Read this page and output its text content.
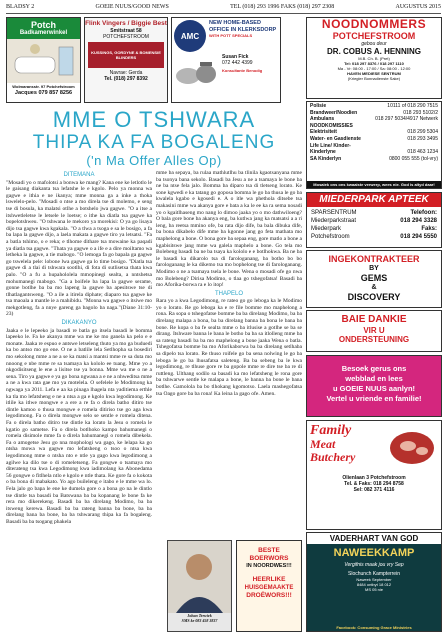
BLADSY 2	GOEIE NUUS/GOOD NEWS	TEL (018) 293 1996 FAKS (018) 297 2308	AUGUSTUS 2015
Potch
Badkamerwinkel
Wolmaransstr. 97 Potchefstroom
Jacques 079 857 8256
Flink Vingers / Biggie Best
Smitstraat 58
POTCHEFSTROOM
KUSSINGS, GORDYNE & BOMENSIE BLINDERS
Navrae: Gerda
Tel. (018) 297 8392
AMC
NEW HOME-BASED OFFICE IN KLERKSDORP
WITH POTT SPECIALS
Susan Fick
072 442 4399
Konsultante Benodig
MME O TSHWARA
THIPA KA FA BOGALENG
('n Ma Offer Alles Op)
DITEMANA

"Mosadi yo o mafolotsi a bonwa ke mang? Kana ene ke letlotlo le le gaisang diakanta tsa lefatshe le e kgolo. Pelo ya monna wa gagwe e ithia e ne ikanya; mme monna ga a inke a thoka lswelelo-pelo. "Mosadi o ntse a mo direla tse di molemo, e seng tse di bosula, ka malatsi otlhe a botshelo jwa gagwe. "O a itse a itshwetleletse le letsele le loetse; o ithe ka diatla tsa gagwe ka bopelotshweu. "O tshwana le mekoro ya morekisi: O ya go lisaya dijo tsa gagwe kwa kgakala. "O a tlwa a tsoga e sa le bosigo, a fa ba lapa la gagwe dijo, a laela makata a gagwe tiro ya letsatsi. "Fa a batla tshimo, o e reka; e tlhome dithare tsa mowaine ka paqadi ya diatla tsa gagwe. "Thata ya gagwe o a ife e a dire moiltamo wa letheka la gagwe, a tie mabogo. "O lemoga fa go bapala ga gagwe go tswelela pele: lobone lwa gagwe ga lo time bosigo. "Diatla tsa gagwe di a tlai di tshwara sootlhi, di fota di sutlisetsa thata kwa palo. "O a fu a hupahololela mmopinegi sealta, a nntshetsa mohumanegi mabogo. "Ga a boifele ba lapa la gagwe serame, gonne botlhe ba ba mo lapeng la gagwe ba apesitswe tse di tlhatlagantsweng. "O a ile a itirela diphate; diaparo tsa gagwe ke tsa maoala a mantle ie a mahibidu. "Monna wa gagwe o itsiwe mo mekgotleng, fa a nnye gareng ga bagolo ba naga."(Diane 31:10-23)

DIKAKANYO

Jaaka e le lepeeko ja basadi re batla go itsela basadi le bomma lapeeko le. Fa ke akanya mme wa me ke mo ganela ka pelo e e monate. Jaaka re espuo e antswe letseleng thuto ya mo ga buduedi ka bo antso mo go ene. O ne a batlile lela Setlhopha sa bosediri mo sekolong mme a ne a se ka matsi a mantsi mme re sa duta mo nnoong e nbe mme re sa tsamaya ka kololo ee tuang. Mme yo a nkgodisitseng le ene a lisitse tse ya bonna. Mme wa me o ne a sena. Tiro ya gagwe e ya go bona ngwana a e ne a nhweditsa mme a ne a kwa rata gae mo ya motelela. O sefelele le Modimong ka ngwaga ya 2011. Lefa e aa ka pinaga lhagela nta yaditiema erthle ka tla mo lefatsheng e ne a ntsa a ga e kgolo kwa legodimong. Ke itlile ka itlwe mongwe e a ere a re fa o direla batho ditiro tse dintle kamoo o thusa mongwe e romela ditiriso tse go aga kwa legodimong. Fa o direla mongwe selo se sentle e romela ditena. Fa o direla batho ditiro tse dintle ka lorato la Jesu o romela le kgatio go sametse. Fa o direla botlhoko kampo bahumanegi o romela disimole mme fa o direla bahumanegi o romela dibekela. Fa o amogetse Jesu go nna mophologi wa gago, ke lelapa ka go ntsha mowa wa gagwe mo lefatsheng o tsoo o ntsa kwa legodimong mme o ntsha nto e ntle ya gago kwa legodimong a agilwe ka dilo tse o di romeletseng. Fa gongwe o tsamaya mo diterateng tsa kwa Legodimong kwa iadimolang ka Abonedama 56 gongwe o fitlhela ntlo e kgolo e ntle thata. Ke gore fa o kokota o ba bona di mabakato. Yo ago buileleng e itabo e le mme wa lo. Fela jalo go bapa le ene ke dumela gore o a bona go na le dintlo tse dintle tsa basadi ba Batswana ba ba kopanang le bone fa ke rera mo dikerekeng. Basadi ba ba direlang Modimo, ba ba itsweng kerewa. Basadi ba ba rateng banna ba bone, ba ba direlang bana ba bone, ba ba tshwarang thipa ka fa bogaleng. Basadi ba ba tsogang phakela

mme ba sepaya, ba rulaa mathlutlhu ba tlinila kgaotsanyana mme ba tsonya bana sekolo. Basadi ba Jesu a ne a tsamaya le bone ba ne ba ntse fela jalo. Bomma ba diparo tsa di tletseng lorato. Ke sone kgwedi e ka tatang go goposa bomma le go ba thusa le go ba kwalela kgabo e kgosedi e. A o itle wa phethola ditsebe tsa makasini mme wa akanya gore e bata a ka le ee ka ra sema nosadi yo o kgaitlhaseng mo nang lo dimoo jaaka yo o mo dathwiloeng? O bala gore bone ba akanya eng, ba kutlwa jang ka matsatsi a a ri leng, ba reetsa mmino ofe, ba rata dijo dife, ba bala dibuka dife, ba bona dikabelo dife mme ba kgonne jang go feta mathata mo maphelong a bone. O bona gore ba sepaa eng, gore matlo a bone a kgabisitswe jang mme wa galela maphelo a bone. Go tela mo Bolebeng basadi ba ne ba tsaya ka kololo e e botlhokwa. Ba ne ba le basadi ka dikarolo tsa di farologanang, ba botho bo bo farologanang le ka dikemo tsa mo bophelong tse di farologanang. Modimo o ne a tsamaya tsela le bone. Wena o mosadi ofe go nwa mo Bolebeng? Dirisa Modimo, o tlaa go tshegofatsa! Basadi ba mo Aforika-borwa ra e lo itop!

THAPELO

Rara yo a kwa Legodimong, re rateo go go leboga ka le Modimo yo o lorato. Re go leboga ka e re file bomme mo maphelong a rona. Ra sopa o tshegofatse bomme ba ba direlang Modimo, ba ba direlang malapa a bona, ba ba direlang banna ba bona le bana ba bone. Re kopa o ba fe sealta mme o ba itlusise a gotlhe se ba se dirang. Itshware banna le bana le botho ba ba sa itlolleng mme ba sa rateng basadi ba ba mo maphelong a bone jaaka Wena o batla. Tshegofatsa bomme ba mo Aforikaborwa ba ba direlang setlhaba sa dipelo tsa lorato. Re thuso roifele go ba sena nolwing le go ba leboga le go ba lhusafatsa saleteng. Ba ba sebeng ba le kwa legodimong, re tlhuse gore re ba gopole mme re dire tse ba re di ruttleng. Ulthang sodilo sa basadi ka mo lefatsheng le rona gore ba tshwarwe sentle ke malapa a bone, le banna ba bone le bana botlhe. Gamolola ba bo tlhokang kgomotso. Laela mashegofatsa tsa Oago gore ba ba rona! Ka leina la gago ofe. Amen.

Johan Terwiek
SMS ke 083 458 3837
BESTE
BOERWORS
IN NOORDWES!!!
HEERLIKE
HUISGEMAAKTE
DROËWORS!!!
NOODNOMMERS
POTCHEFSTROOM
gebou deur
DR. COBUS A. HENNING
M.B. Ch. B. (Pret)
Tel: 018 297 8376 / 018 297 1110
Ma - Vr: 08:00 - 17:00 / Sa: 08:00 - 12:00
HAVEN MEDIESE SENTRUM
(Kriegler Bonnadienste Sake)
Polisie	10111 of 018 290 7515
Brandweer/Noodien	018 293 5102/2
Ambulans	018 297 5034/4917 Netwerk
NOODKOMISSIES
Elektrisiteit	018 299 5304
Water- en Gasdienste	018 293 3495
Life Line/ Kinder-
Kinderlyne	018 463 1234
SA Kinderlyn	0800 055 555 (tol-vry)
Mosaiek ons ons kwaaiste verwerp, wees nie. God is altyd daar!
MIEDERPARK APTEEK
SPARSENTRUM	Telefoon:
Miederparkstraat	018 294 3328
Miederpark	Faks:
Potchefstroom	018 294 5550
INGEKONTRAKTEER
BY
GEMS
&
DISCOVERY
BAIE DANKIE
VIR U
ONDERSTEUNING
Besoek gerus ons
webblad en lees
u GOEIE NUUS aanlyn!
Vertel u vriende en familie!
Family
Meat
Butchery
Olienlaan 3 Potchefstroom
Tel. & Faks: 018 294 8758
Sel: 082 371 4116
VADERHART VAN GOD
NAWEEKKAMP
Vergifnis maak jou vry Sep
Slochunch Kampterrein
Naweek September
8484 ontbyt 18 012
MS 05 nie
Facebook: Consuming Grace Ministries
